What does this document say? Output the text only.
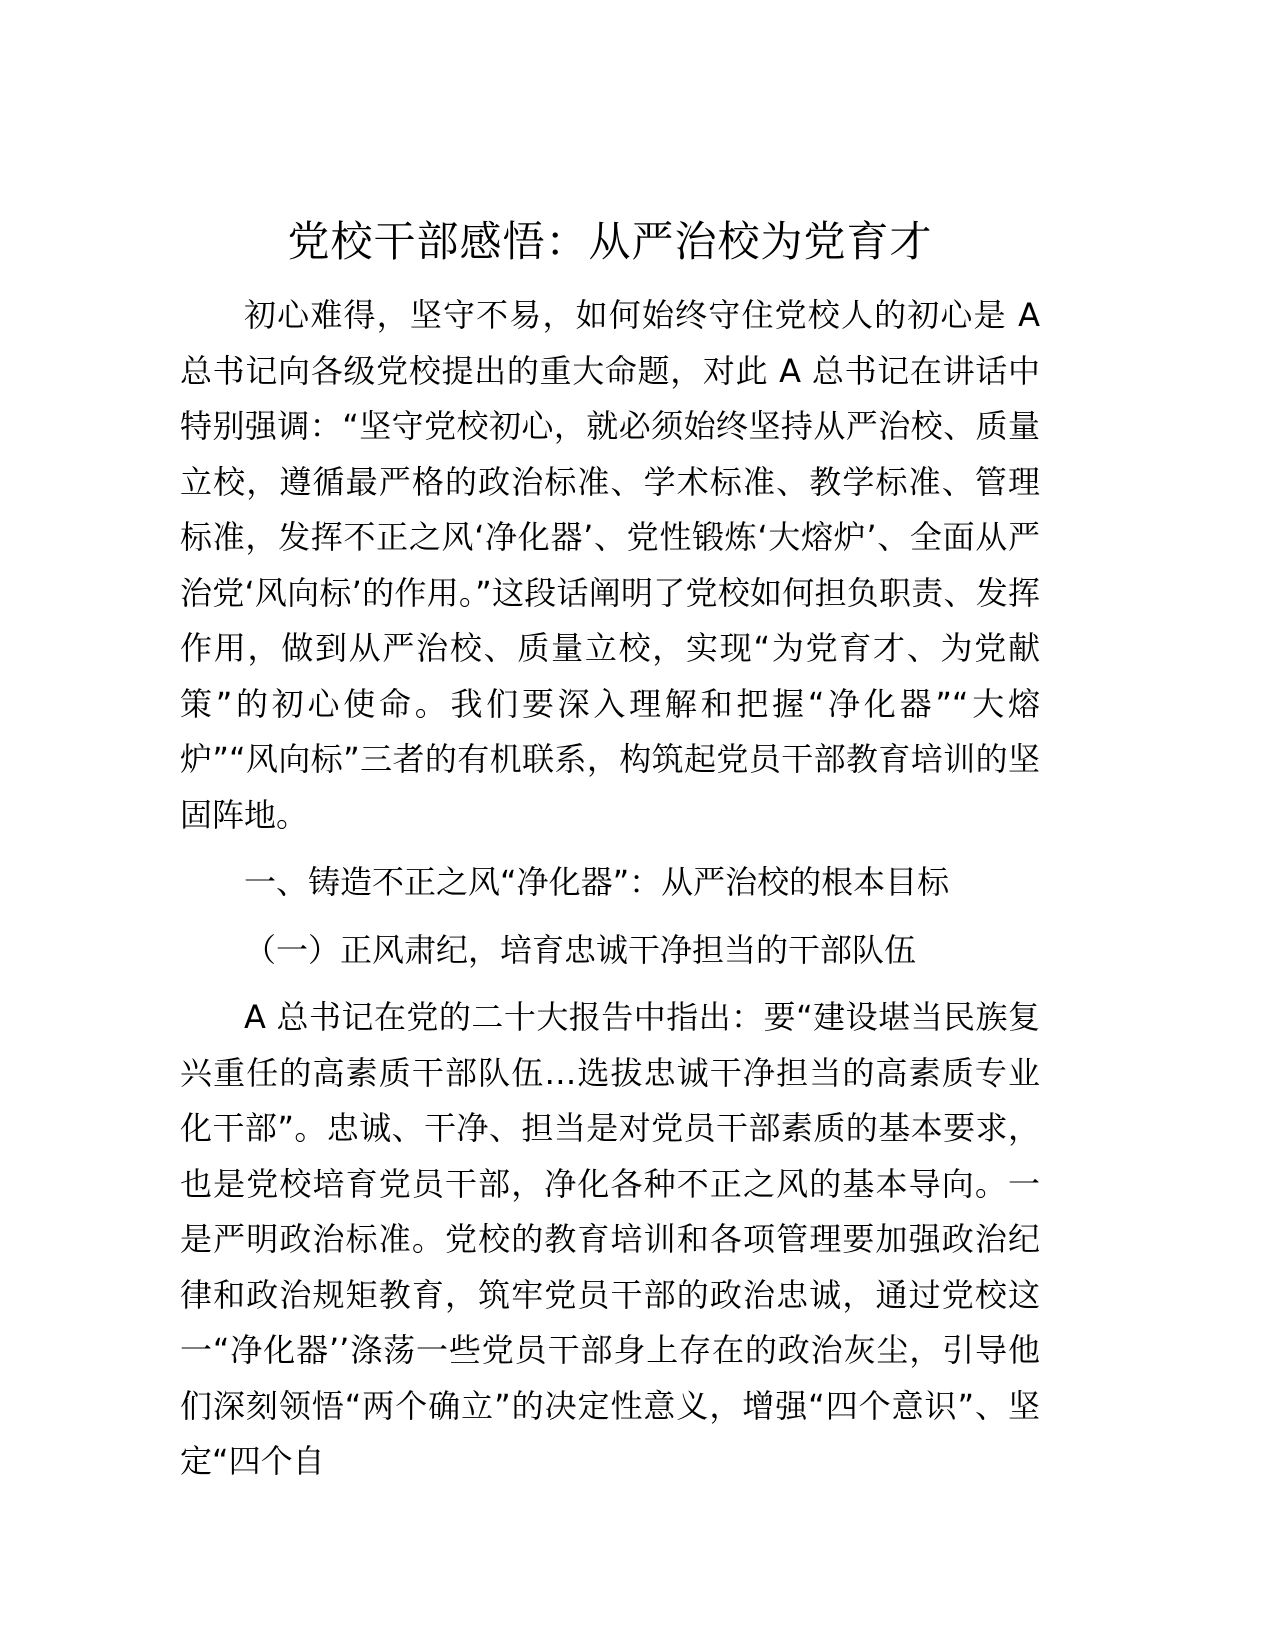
党校干部感悟：从严治校为党育才

初心难得，坚守不易，如何始终守住党校人的初心是 A 总书记向各级党校提出的重大命题，对此 A 总书记在讲话中特别强调：“坚守党校初心，就必须始终坚持从严治校、质量立校，遵循最严格的政治标准、学术标准、教学标准、管理标准，发挥不正之风‘净化器’、党性锻炼‘大熔炉’、全面从严治党‘风向标’的作用。”这段话阐明了党校如何担负职责、发挥作用，做到从严治校、质量立校，实现“为党育才、为党献策”的初心使命。我们要深入理解和把握“净化器”“大熔炉”“风向标”三者的有机联系，构筑起党员干部教育培训的坚固阵地。

一、铸造不正之风“净化器”：从严治校的根本目标

（一）正风肃纪，培育忠诚干净担当的干部队伍

A 总书记在党的二十大报告中指出：要“建设堪当民族复兴重任的高素质干部队伍…选拔忠诚干净担当的高素质专业化干部”。忠诚、干净、担当是对党员干部素质的基本要求，也是党校培育党员干部，净化各种不正之风的基本导向。一是严明政治标准。党校的教育培训和各项管理要加强政治纪律和政治规矩教育，筑牢党员干部的政治忠诚，通过党校这一“净化器’’涤荡一些党员干部身上存在的政治灰尘，引导他们深刻领悟“两个确立”的决定性意义，增强“四个意识”、坚定“四个自
